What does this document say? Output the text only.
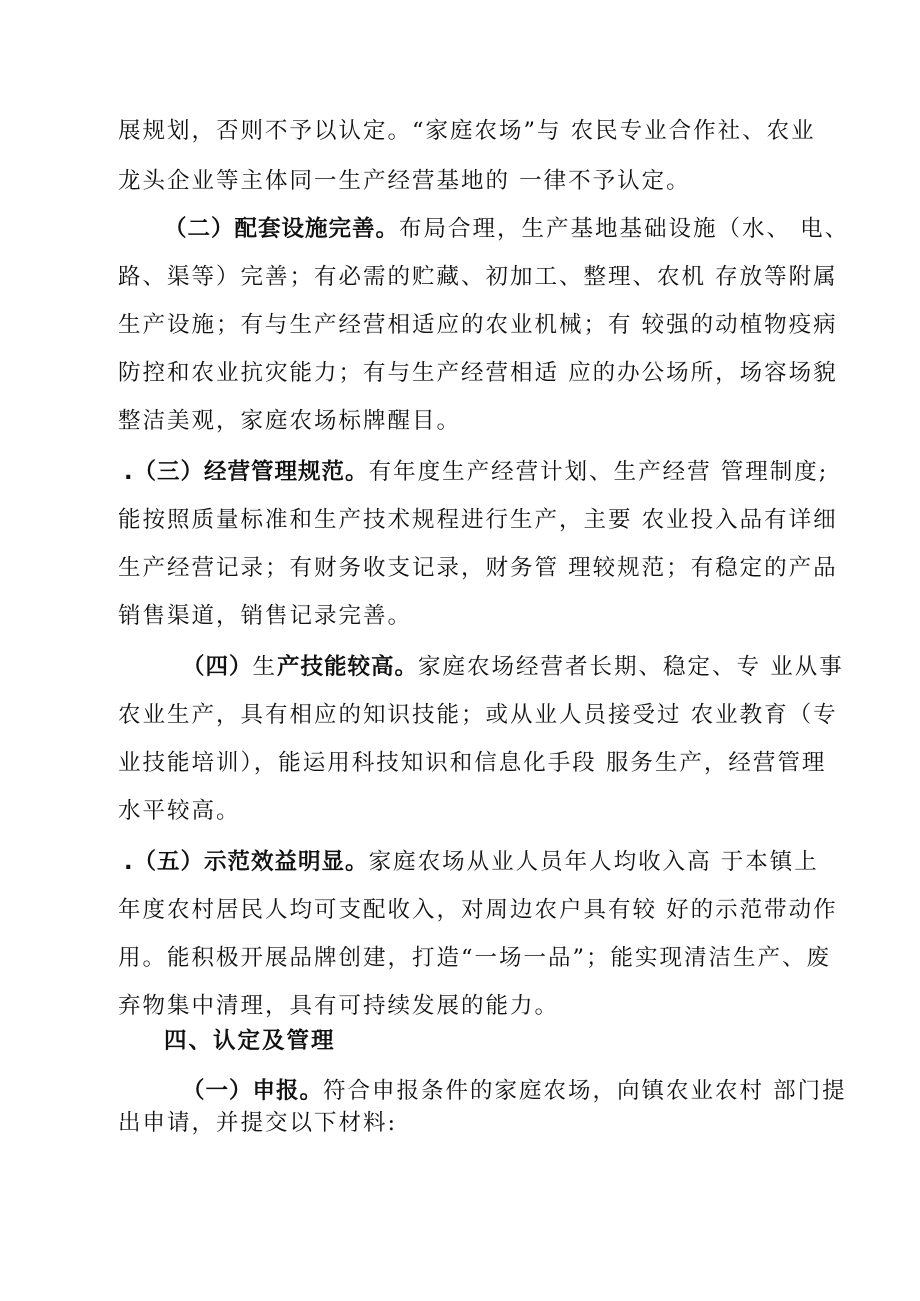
展规划，否则不予以认定。“家庭农场”与 农民专业合作社、农业
龙头企业等主体同一生产经营基地的 一律不予认定。
（二）配套设施完善。布局合理，生产基地基础设施（水、 电、
路、渠等）完善；有必需的贮藏、初加工、整理、农机 存放等附属
生产设施；有与生产经营相适应的农业机械；有 较强的动植物疫病
防控和农业抗灾能力；有与生产经营相适 应的办公场所，场容场貌
整洁美观，家庭农场标牌醒目。
.（三）经营管理规范。有年度生产经营计划、生产经营 管理制度;
能按照质量标准和生产技术规程进行生产，主要 农业投入品有详细
生产经营记录；有财务收支记录，财务管 理较规范；有稳定的产品
销售渠道，销售记录完善。
（四）生产技能较高。家庭农场经营者长期、稳定、专 业从事
农业生产，具有相应的知识技能；或从业人员接受过 农业教育（专
业技能培训），能运用科技知识和信息化手段 服务生产，经营管理
水平较高。
.（五）示范效益明显。家庭农场从业人员年人均收入高 于本镇上
年度农村居民人均可支配收入，对周边农户具有较 好的示范带动作
用。能积极开展品牌创建，打造“一场一品”；能实现清洁生产、废
弃物集中清理，具有可持续发展的能力。
四、认定及管理
（一）申报。符合申报条件的家庭农场，向镇农业农村 部门提
出申请，并提交以下材料:
